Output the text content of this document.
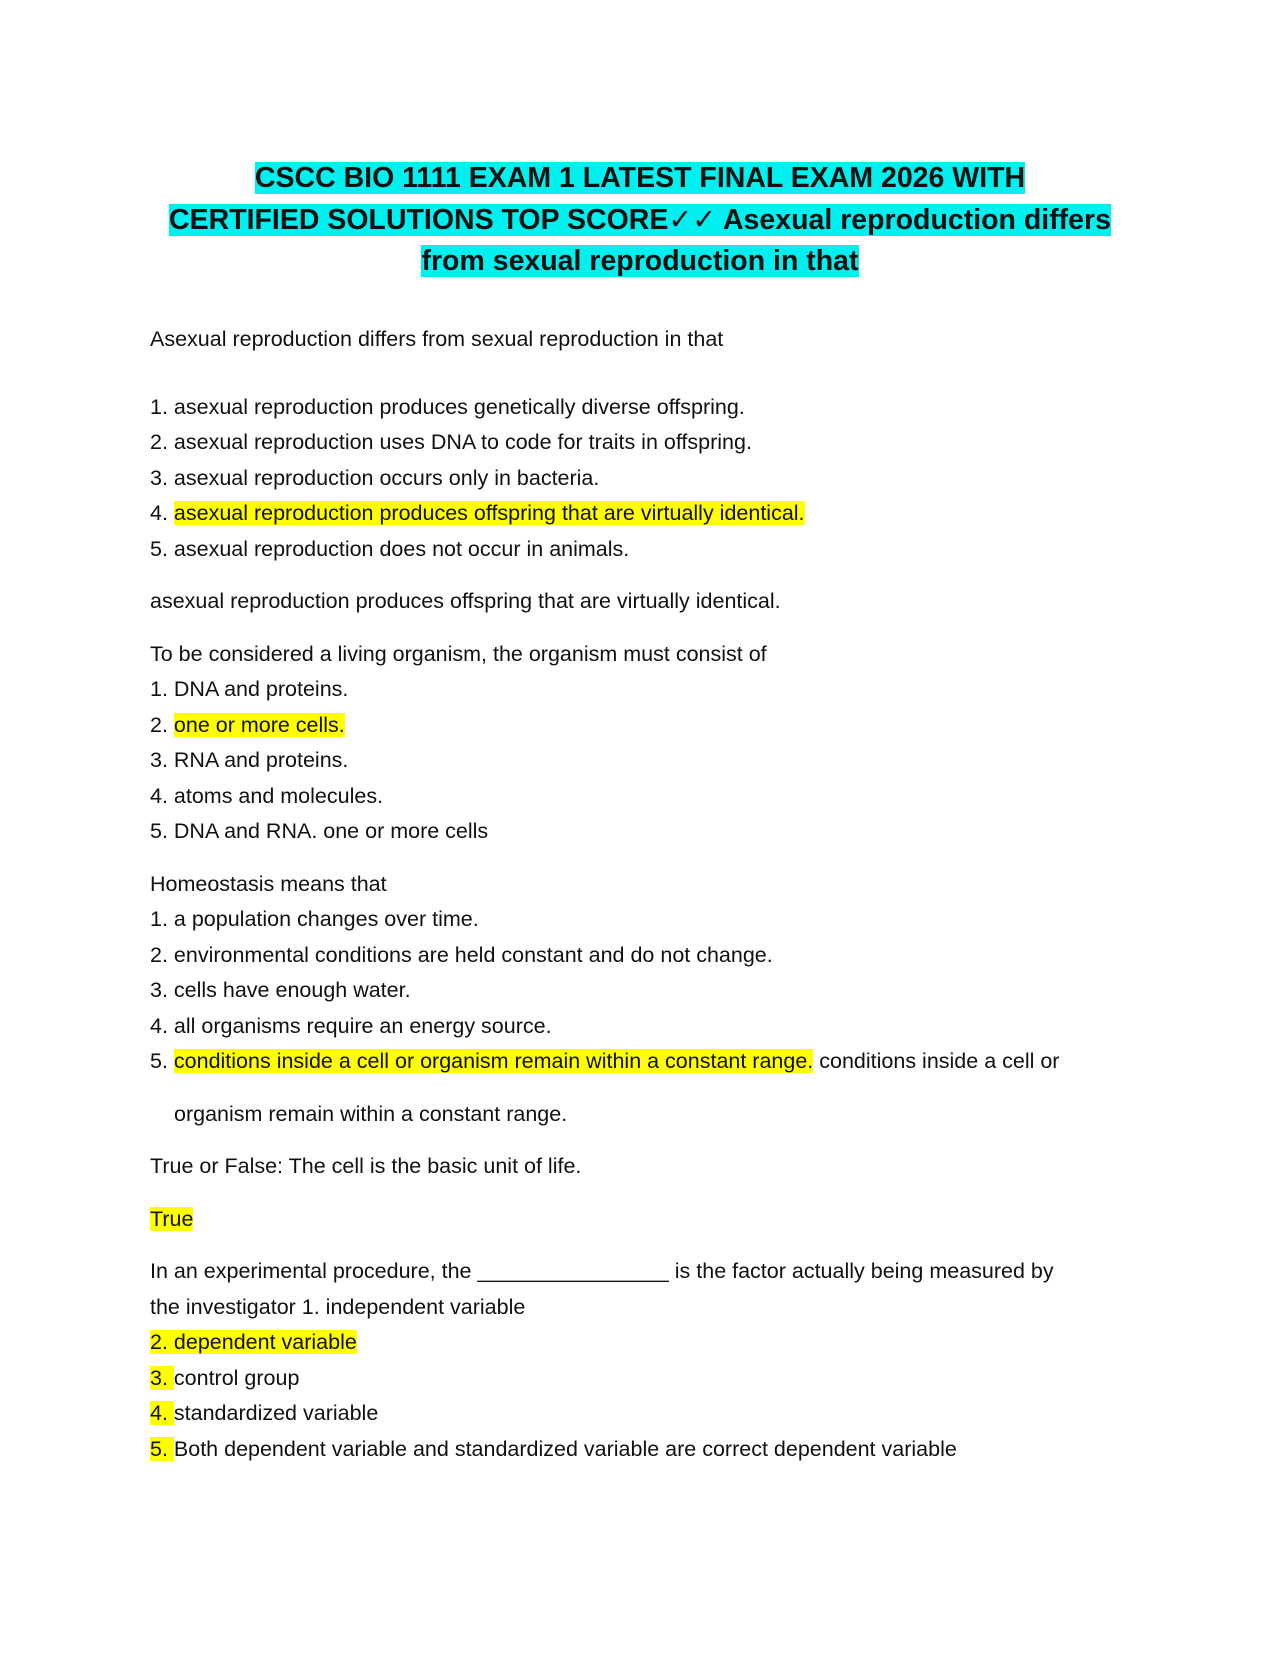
CSCC BIO 1111 EXAM 1 LATEST FINAL EXAM 2026 WITH
CERTIFIED SOLUTIONS TOP SCORE✓✓ Asexual reproduction differs
from sexual reproduction in that
Asexual reproduction differs from sexual reproduction in that
1. asexual reproduction produces genetically diverse offspring.
2. asexual reproduction uses DNA to code for traits in offspring.
3. asexual reproduction occurs only in bacteria.
4. asexual reproduction produces offspring that are virtually identical.
5. asexual reproduction does not occur in animals.
asexual reproduction produces offspring that are virtually identical.
To be considered a living organism, the organism must consist of
1. DNA and proteins.
2. one or more cells.
3. RNA and proteins.
4. atoms and molecules.
5. DNA and RNA. one or more cells
Homeostasis means that
1. a population changes over time.
2. environmental conditions are held constant and do not change.
3. cells have enough water.
4. all organisms require an energy source.
5. conditions inside a cell or organism remain within a constant range. conditions inside a cell or
organism remain within a constant range.
True or False: The cell is the basic unit of life.
True
In an experimental procedure, the ________________ is the factor actually being measured by
the investigator 1. independent variable
2. dependent variable
3. control group
4. standardized variable
5. Both dependent variable and standardized variable are correct dependent variable
